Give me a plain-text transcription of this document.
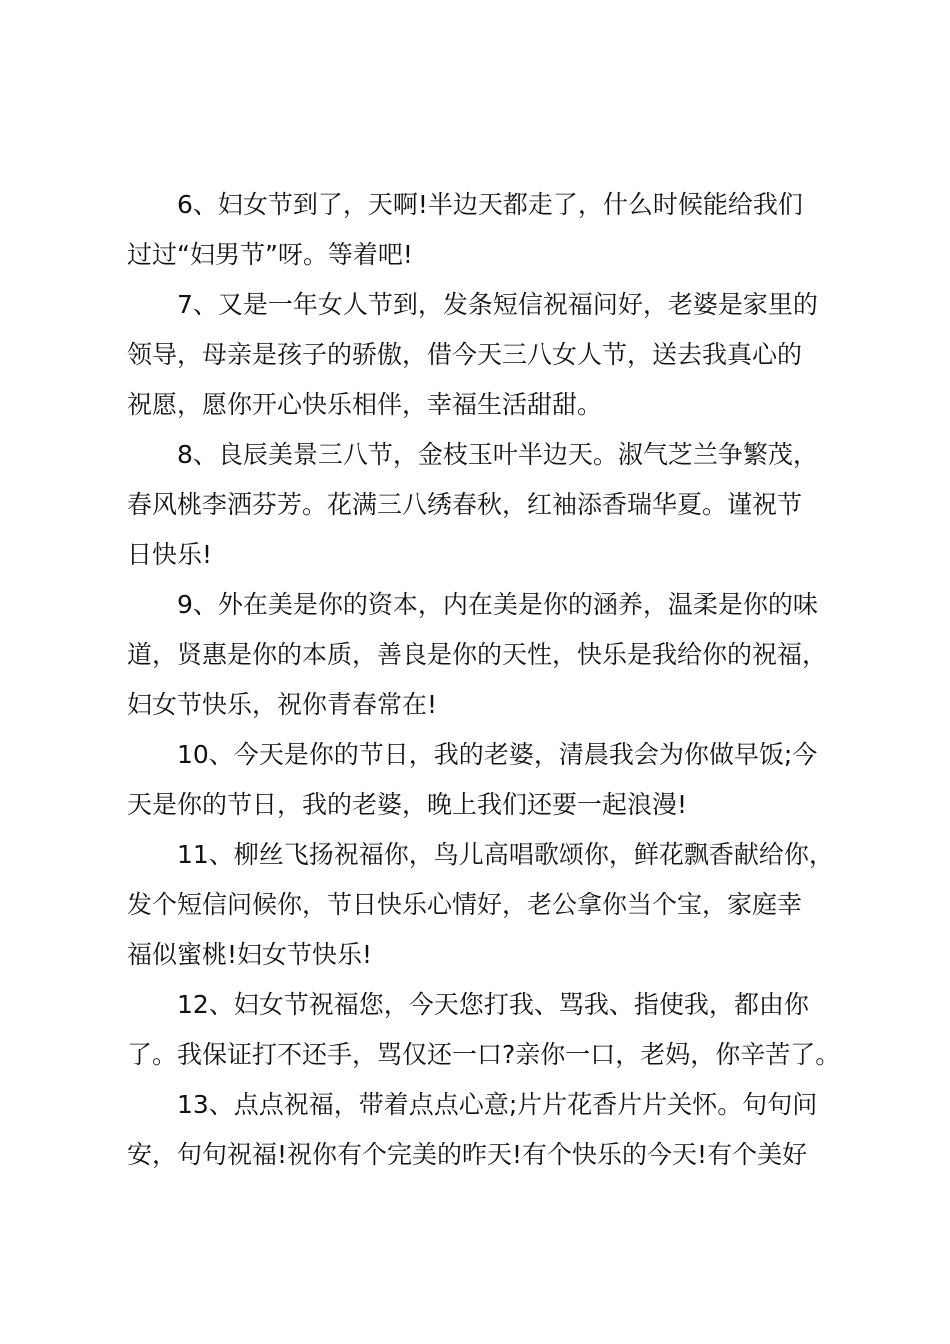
6、妇女节到了，天啊!半边天都走了，什么时候能给我们
过过“妇男节”呀。等着吧!
7、又是一年女人节到，发条短信祝福问好，老婆是家里的
领导，母亲是孩子的骄傲，借今天三八女人节，送去我真心的
祝愿，愿你开心快乐相伴，幸福生活甜甜。
8、良辰美景三八节，金枝玉叶半边天。淑气芝兰争繁茂，
春风桃李洒芬芳。花满三八绣春秋，红袖添香瑞华夏。谨祝节
日快乐!
9、外在美是你的资本，内在美是你的涵养，温柔是你的味
道，贤惠是你的本质，善良是你的天性，快乐是我给你的祝福，
妇女节快乐，祝你青春常在!
10、今天是你的节日，我的老婆，清晨我会为你做早饭;今
天是你的节日，我的老婆，晚上我们还要一起浪漫!
11、柳丝飞扬祝福你，鸟儿高唱歌颂你，鲜花飘香献给你，
发个短信问候你，节日快乐心情好，老公拿你当个宝，家庭幸
福似蜜桃!妇女节快乐!
12、妇女节祝福您，今天您打我、骂我、指使我，都由你
了。我保证打不还手，骂仅还一口?亲你一口，老妈，你辛苦了。
13、点点祝福，带着点点心意;片片花香片片关怀。句句问
安，句句祝福!祝你有个完美的昨天!有个快乐的今天!有个美好
